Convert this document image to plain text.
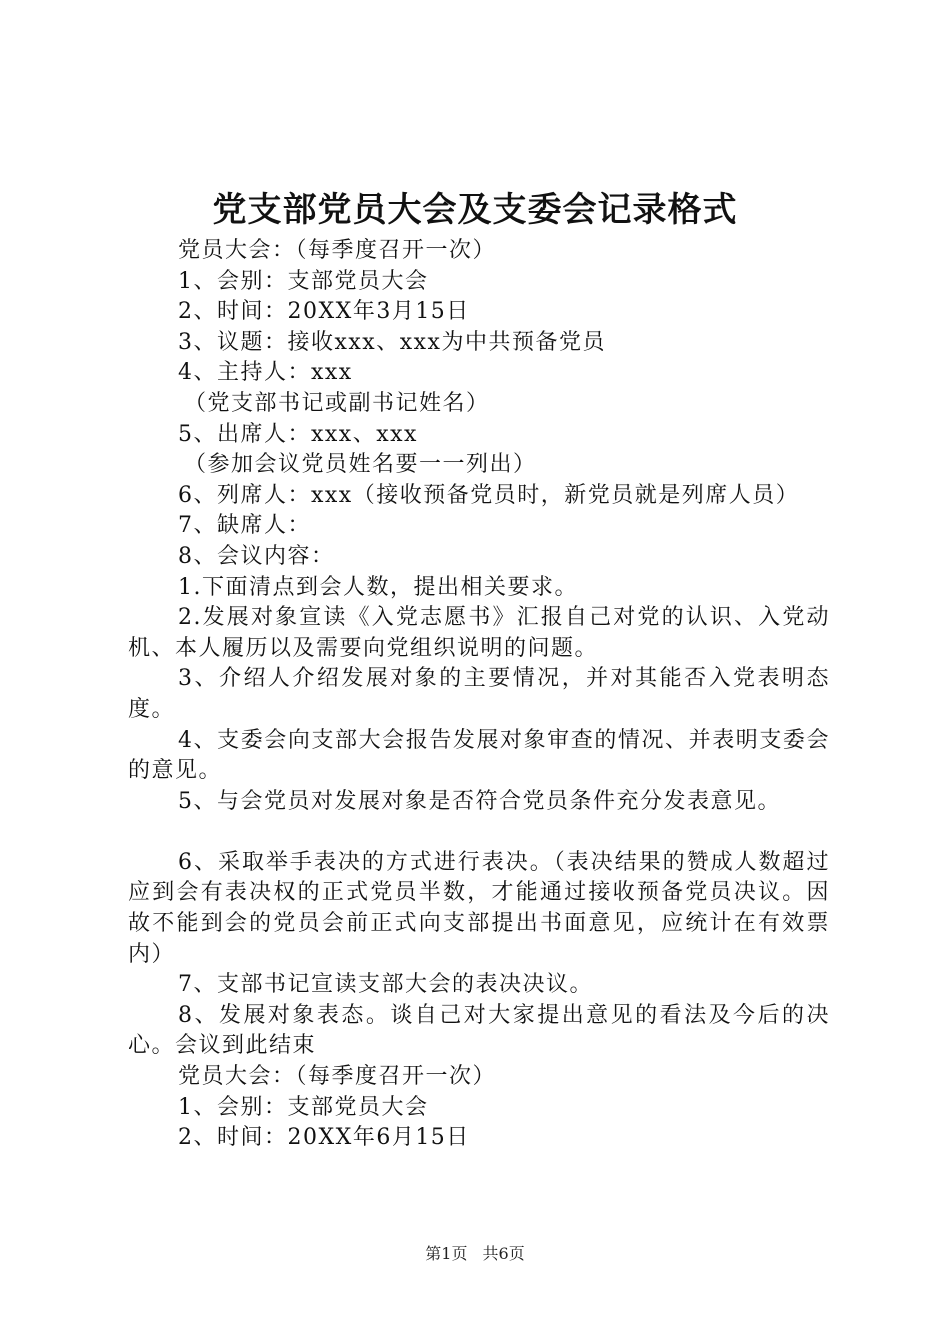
党支部党员大会及支委会记录格式

党员大会：（每季度召开一次）

1、会别：支部党员大会

2、时间：20XX年3月15日

3、议题：接收xxx、xxx为中共预备党员

4、主持人：xxx

（党支部书记或副书记姓名）

5、出席人：xxx、xxx

（参加会议党员姓名要一一列出）

6、列席人：xxx（接收预备党员时，新党员就是列席人员）

7、缺席人：

8、会议内容：

1.下面清点到会人数，提出相关要求。

2.发展对象宣读《入党志愿书》汇报自己对党的认识、入党动机、本人履历以及需要向党组织说明的问题。

3、介绍人介绍发展对象的主要情况，并对其能否入党表明态度。

4、支委会向支部大会报告发展对象审查的情况、并表明支委会的意见。

5、与会党员对发展对象是否符合党员条件充分发表意见。

6、采取举手表决的方式进行表决。（表决结果的赞成人数超过应到会有表决权的正式党员半数，才能通过接收预备党员决议。因故不能到会的党员会前正式向支部提出书面意见，应统计在有效票内）

7、支部书记宣读支部大会的表决决议。

8、发展对象表态。谈自己对大家提出意见的看法及今后的决心。会议到此结束

党员大会：（每季度召开一次）

1、会别：支部党员大会

2、时间：20XX年6月15日

第1页 共6页
